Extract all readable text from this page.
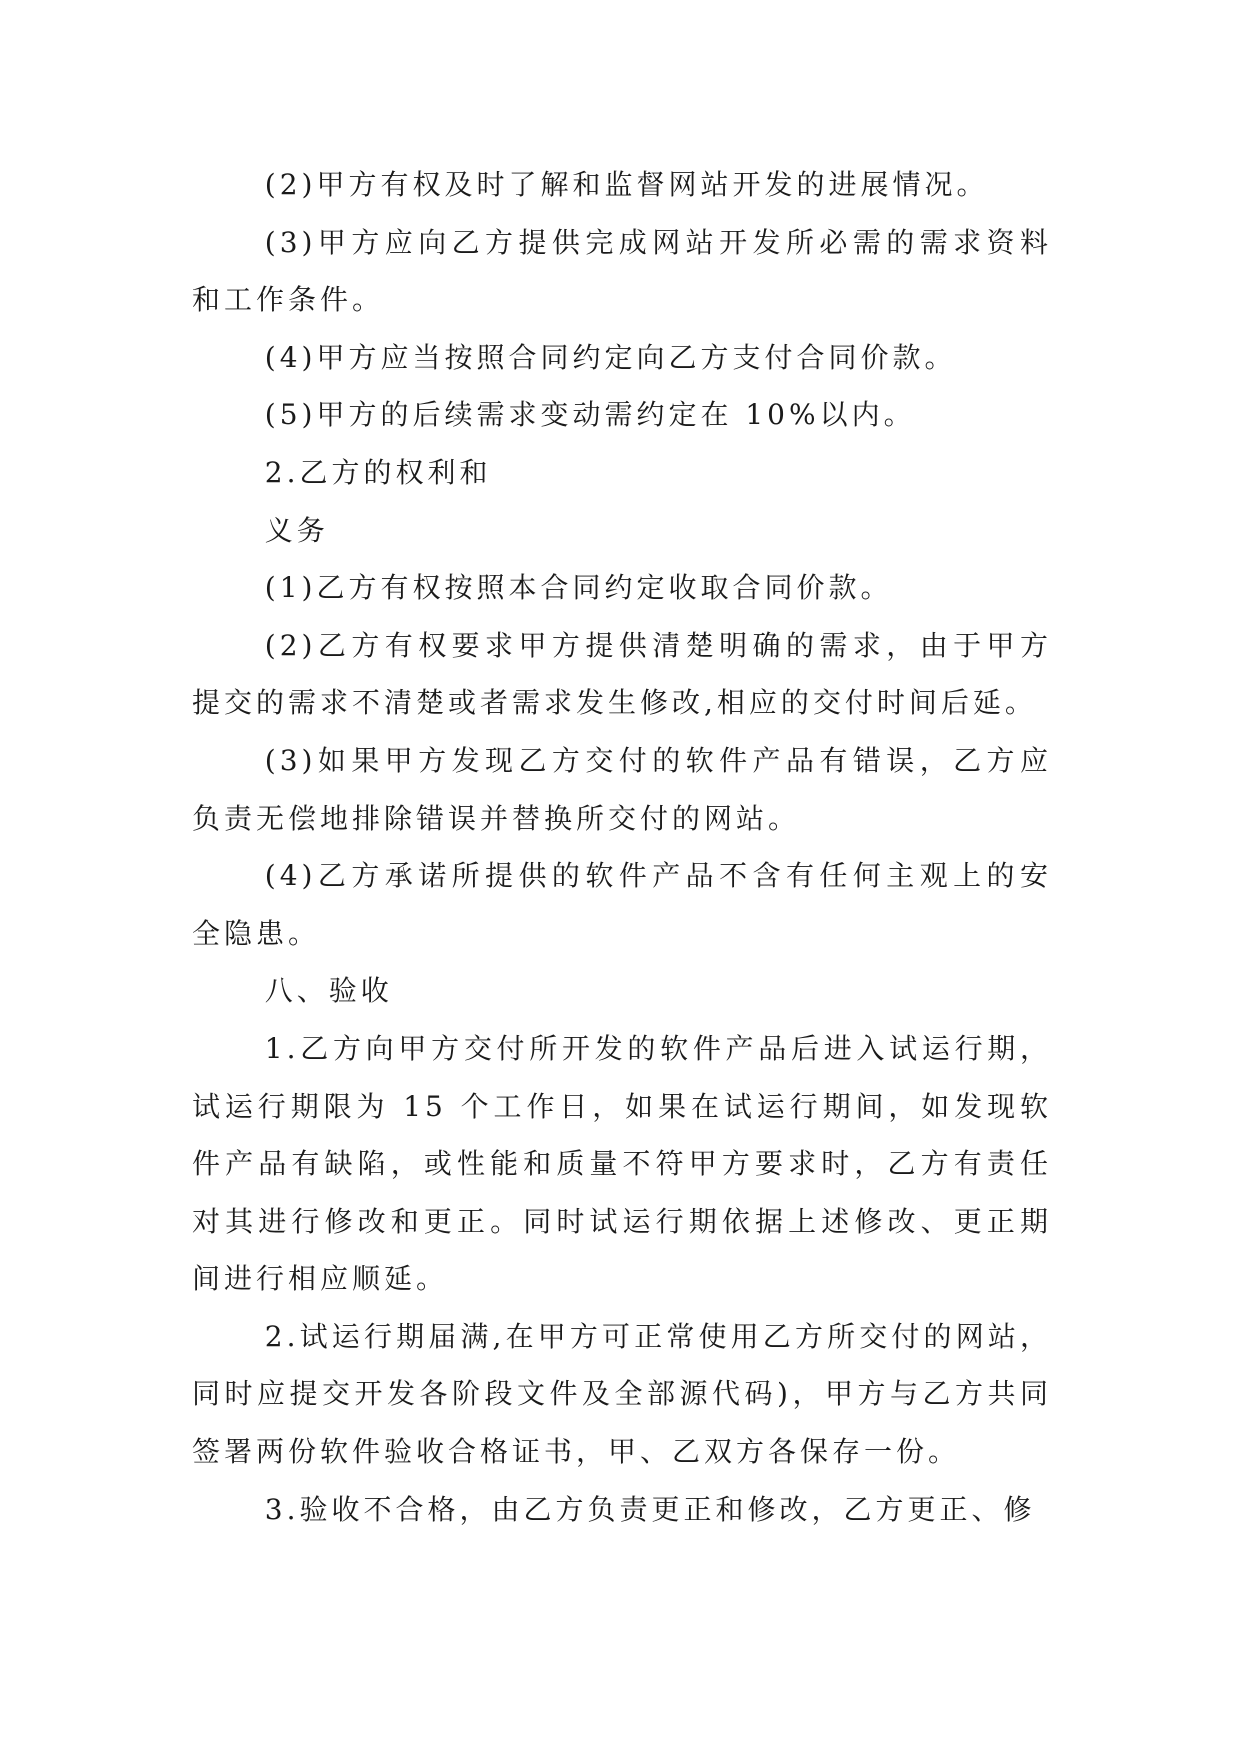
(2)甲方有权及时了解和监督网站开发的进展情况。

(3)甲方应向乙方提供完成网站开发所必需的需求资料和工作条件。

(4)甲方应当按照合同约定向乙方支付合同价款。

(5)甲方的后续需求变动需约定在 10%以内。

2.乙方的权利和

义务

(1)乙方有权按照本合同约定收取合同价款。

(2)乙方有权要求甲方提供清楚明确的需求，由于甲方提交的需求不清楚或者需求发生修改,相应的交付时间后延。

(3)如果甲方发现乙方交付的软件产品有错误，乙方应负责无偿地排除错误并替换所交付的网站。

(4)乙方承诺所提供的软件产品不含有任何主观上的安全隐患。

八、验收

1.乙方向甲方交付所开发的软件产品后进入试运行期，试运行期限为 15 个工作日，如果在试运行期间，如发现软件产品有缺陷，或性能和质量不符甲方要求时，乙方有责任对其进行修改和更正。同时试运行期依据上述修改、更正期间进行相应顺延。

2.试运行期届满,在甲方可正常使用乙方所交付的网站，同时应提交开发各阶段文件及全部源代码)，甲方与乙方共同签署两份软件验收合格证书，甲、乙双方各保存一份。

3.验收不合格，由乙方负责更正和修改，乙方更正、修
